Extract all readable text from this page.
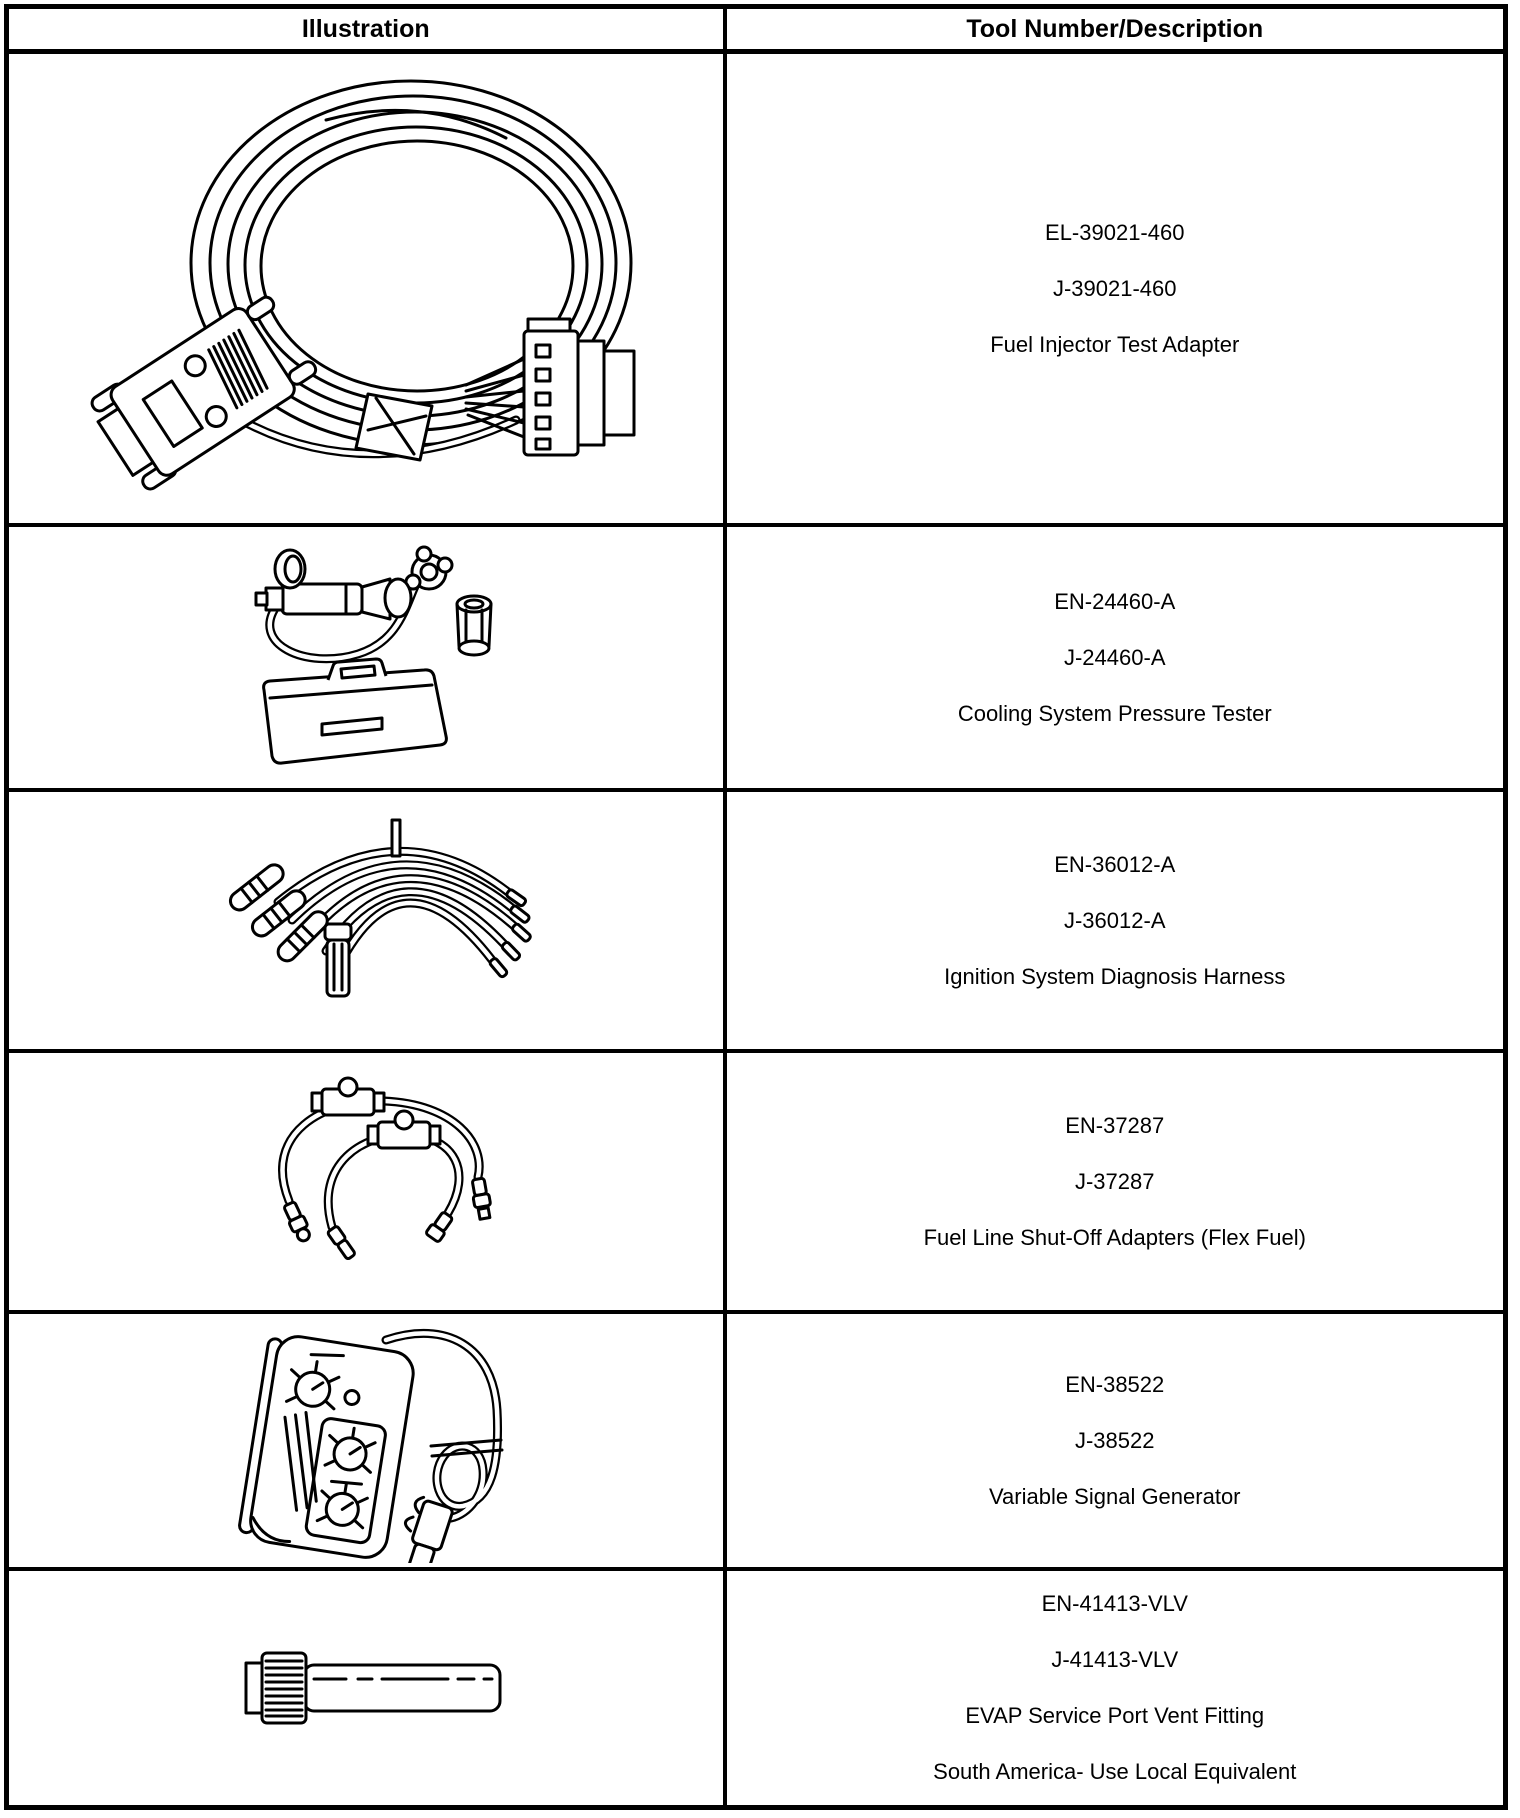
Illustration	Tool Number/Description

EL-39021-460
J-39021-460
Fuel Injector Test Adapter

EN-24460-A
J-24460-A
Cooling System Pressure Tester

EN-36012-A
J-36012-A
Ignition System Diagnosis Harness

EN-37287
J-37287
Fuel Line Shut-Off Adapters (Flex Fuel)

EN-38522
J-38522
Variable Signal Generator

EN-41413-VLV
J-41413-VLV
EVAP Service Port Vent Fitting
South America- Use Local Equivalent
